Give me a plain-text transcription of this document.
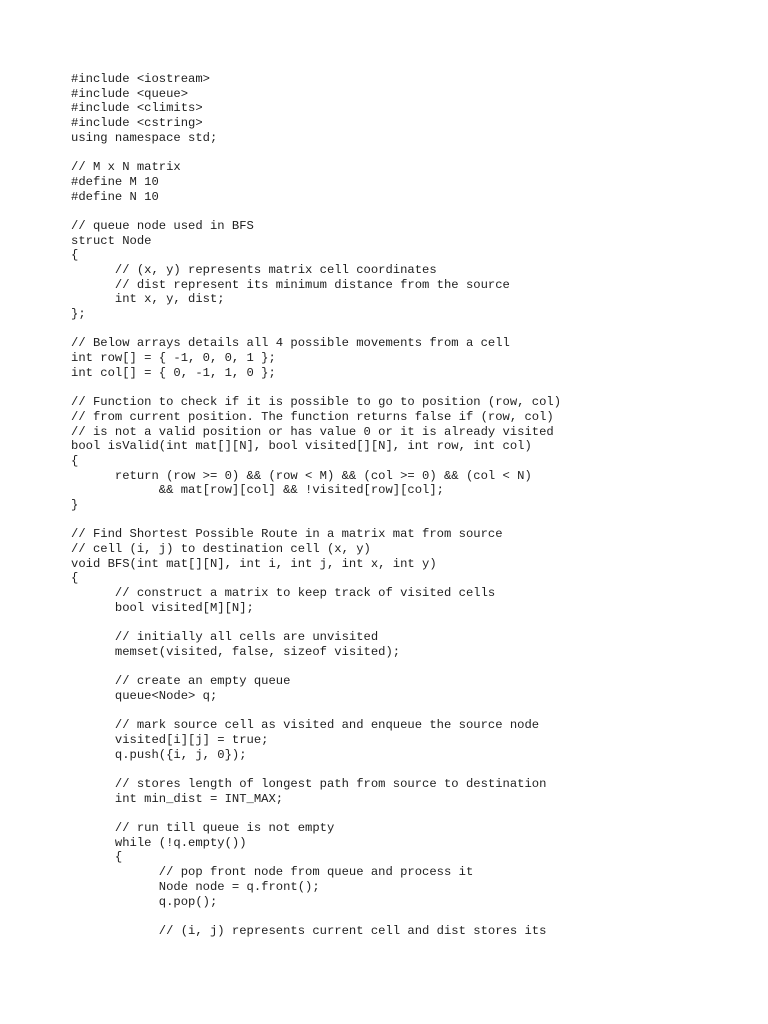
#include <iostream>
#include <queue>
#include <climits>
#include <cstring>
using namespace std;
// M x N matrix
#define M 10
#define N 10
// queue node used in BFS
struct Node
{
// (x, y) represents matrix cell coordinates
// dist represent its minimum distance from the source
int x, y, dist;
};
// Below arrays details all 4 possible movements from a cell
int row[] = { -1, 0, 0, 1 };
int col[] = { 0, -1, 1, 0 };
// Function to check if it is possible to go to position (row, col)
// from current position. The function returns false if (row, col)
// is not a valid position or has value 0 or it is already visited
bool isValid(int mat[][N], bool visited[][N], int row, int col)
{
return (row >= 0) && (row < M) && (col >= 0) && (col < N)
&& mat[row][col] && !visited[row][col];
}
// Find Shortest Possible Route in a matrix mat from source
// cell (i, j) to destination cell (x, y)
void BFS(int mat[][N], int i, int j, int x, int y)
{
// construct a matrix to keep track of visited cells
bool visited[M][N];
// initially all cells are unvisited
memset(visited, false, sizeof visited);
// create an empty queue
queue<Node> q;
// mark source cell as visited and enqueue the source node
visited[i][j] = true;
q.push({i, j, 0});
// stores length of longest path from source to destination
int min_dist = INT_MAX;
// run till queue is not empty
while (!q.empty())
{
// pop front node from queue and process it
Node node = q.front();
q.pop();
// (i, j) represents current cell and dist stores its
